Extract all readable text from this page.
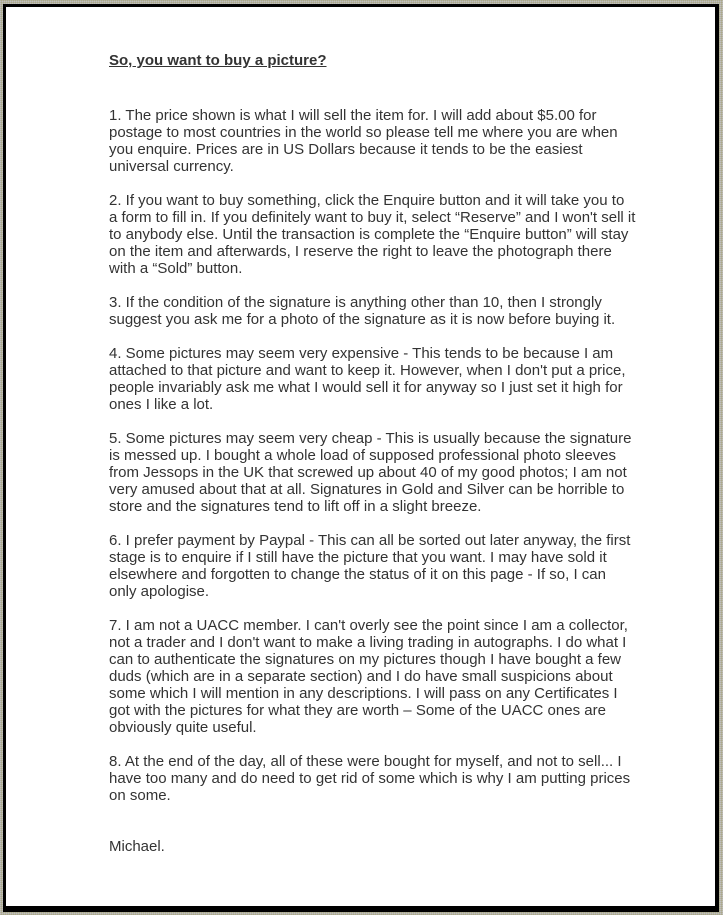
So, you want to buy a picture?

1. The price shown is what I will sell the item for. I will add about $5.00 for postage to most countries in the world so please tell me where you are when you enquire. Prices are in US Dollars because it tends to be the easiest universal currency.

2. If you want to buy something, click the Enquire button and it will take you to a form to fill in. If you definitely want to buy it, select “Reserve” and I won't sell it to anybody else. Until the transaction is complete the “Enquire button” will stay on the item and afterwards, I reserve the right to leave the photograph there with a “Sold” button.

3. If the condition of the signature is anything other than 10, then I strongly suggest you ask me for a photo of the signature as it is now before buying it.

4. Some pictures may seem very expensive - This tends to be because I am attached to that picture and want to keep it. However, when I don't put a price, people invariably ask me what I would sell it for anyway so I just set it high for ones I like a lot.

5. Some pictures may seem very cheap - This is usually because the signature is messed up. I bought a whole load of supposed professional photo sleeves from Jessops in the UK that screwed up about 40 of my good photos; I am not very amused about that at all. Signatures in Gold and Silver can be horrible to store and the signatures tend to lift off in a slight breeze.

6. I prefer payment by Paypal - This can all be sorted out later anyway, the first stage is to enquire if I still have the picture that you want. I may have sold it elsewhere and forgotten to change the status of it on this page - If so, I can only apologise.

7. I am not a UACC member. I can't overly see the point since I am a collector, not a trader and I don't want to make a living trading in autographs. I do what I can to authenticate the signatures on my pictures though I have bought a few duds (which are in a separate section) and I do have small suspicions about some which I will mention in any descriptions. I will pass on any Certificates I got with the pictures for what they are worth – Some of the UACC ones are obviously quite useful.

8. At the end of the day, all of these were bought for myself, and not to sell... I have too many and do need to get rid of some which is why I am putting prices on some.

Michael.
